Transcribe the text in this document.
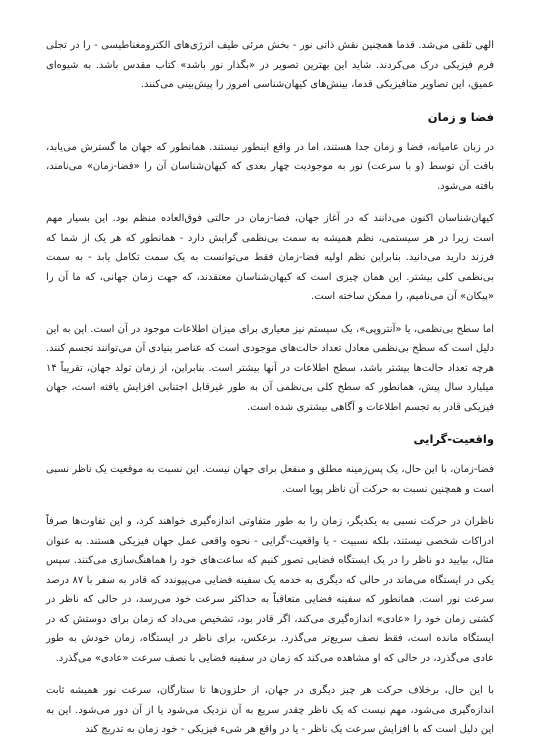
الهی تلقی می‌شد. قدما همچنین نقش ذاتی نور - بخش مرئی طیف انرژی‌های الکترومغناطیسی - را در تجلی فرم فیزیکی درک می‌کردند. شاید این بهترین تصویر در «بگذار نور باشد» کتاب مقدس باشد. به شیوه‌ای عمیق، این تصاویر متافیزیکی قدما، بینش‌های کیهان‌شناسی امروز را پیش‌بینی می‌کنند.

فضا و زمان

در زبان عامیانه، فضا و زمان جدا هستند، اما در واقع اینطور نیستند. همانطور که جهان ما گسترش می‌یابد، بافت آن توسط (و با سرعت) نور به موجودیت چهار بعدی که کیهان‌شناسان آن را «فضا-زمان» می‌نامند، بافته می‌شود.

کیهان‌شناسان اکنون می‌دانند که در آغاز جهان، فضا-زمان در حالتی فوق‌العاده منظم بود. این بسیار مهم است زیرا در هر سیستمی، نظم همیشه به سمت بی‌نظمی گرایش دارد - همانطور که هر یک از شما که فرزند دارید می‌دانید. بنابراین نظم اولیه فضا-زمان فقط می‌توانست به یک سمت تکامل یابد - به سمت بی‌نظمی کلی بیشتر. این همان چیزی است که کیهان‌شناسان معتقدند، که جهت زمان جهانی، که ما آن را «پیکان» آن می‌نامیم، را ممکن ساخته است.

اما سطح بی‌نظمی، یا «آنتروپی»، یک سیستم نیز معیاری برای میزان اطلاعات موجود در آن است. این به این دلیل است که سطح بی‌نظمی معادل تعداد حالت‌های موجودی است که عناصر بنیادی آن می‌توانند تجسم کنند. هرچه تعداد حالت‌ها بیشتر باشد، سطح اطلاعات در آنها بیشتر است. بنابراین، از زمان تولد جهان، تقریباً ۱۴ میلیارد سال پیش، همانطور که سطح کلی بی‌نظمی آن به طور غیرقابل اجتنابی افزایش یافته است، جهان فیزیکی قادر به تجسم اطلاعات و آگاهی بیشتری شده است.

واقعیت-گرایی

فضا-زمان، با این حال، یک پس‌زمینه مطلق و منفعل برای جهان نیست. این نسبت به موقعیت یک ناظر نسبی است و همچنین نسبت به حرکت آن ناظر پویا است.

ناظران در حرکت نسبی به یکدیگر، زمان را به طور متفاوتی اندازه‌گیری خواهند کرد، و این تفاوت‌ها صرفاً ادراکات شخصی نیستند، بلکه نسبیت - یا واقعیت-گرایی - نحوه واقعی عمل جهان فیزیکی هستند. به عنوان مثال، بیایید دو ناظر را در یک ایستگاه فضایی تصور کنیم که ساعت‌های خود را هماهنگ‌سازی می‌کنند. سپس یکی در ایستگاه می‌ماند در حالی که دیگری به خدمه یک سفینه فضایی می‌پیوندد که قادر به سفر با ۸۷ درصد سرعت نور است. همانطور که سفینه فضایی متعاقباً به حداکثر سرعت خود می‌رسد، در حالی که ناظر در کشتی زمان خود را «عادی» اندازه‌گیری می‌کند، اگر قادر بود، تشخیص می‌داد که زمان برای دوستش که در ایستگاه مانده است، فقط نصف سریع‌تر می‌گذرد. برعکس، برای ناظر در ایستگاه، زمان خودش به طور عادی می‌گذرد، در حالی که او مشاهده می‌کند که زمان در سفینه فضایی با نصف سرعت «عادی» می‌گذرد.

با این حال، برخلاف حرکت هر چیز دیگری در جهان، از حلزون‌ها تا ستارگان، سرعت نور همیشه ثابت اندازه‌گیری می‌شود، مهم نیست که یک ناظر چقدر سریع به آن نزدیک می‌شود یا از آن دور می‌شود. این به این دلیل است که با افزایش سرعت یک ناظر - یا در واقع هر شیء فیزیکی - خود زمان به تدریج کند
